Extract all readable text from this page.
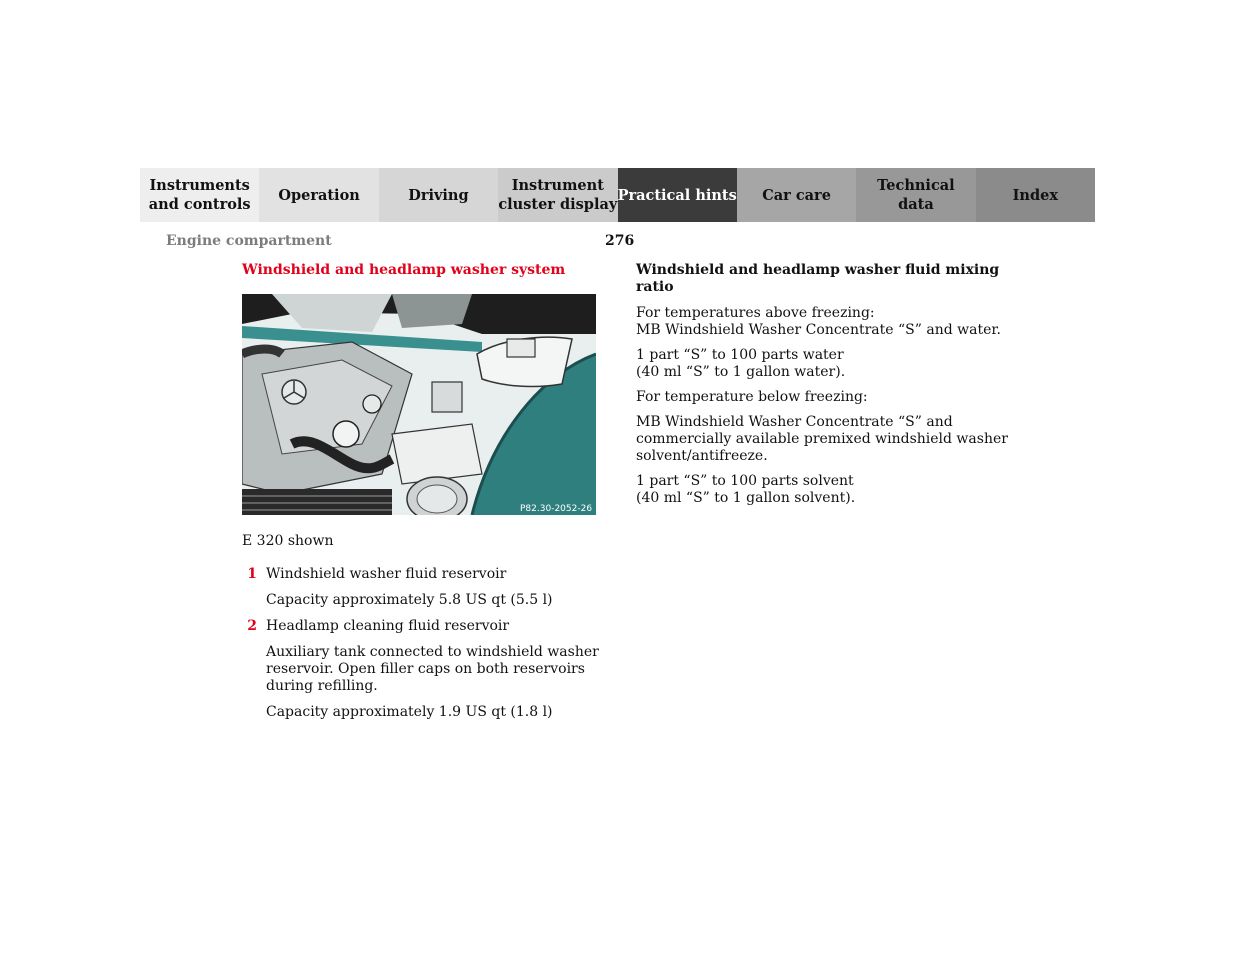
Instruments
and controls
Operation	Driving
Instrument
cluster display
Practical hints	Car care
Technical
data
Index
Engine compartment	276
Windshield and headlamp washer system
P82.30-2052-26
E 320 shown
1 Windshield washer fluid reservoir
Capacity approximately 5.8 US qt (5.5 l)
2 Headlamp cleaning fluid reservoir
Auxiliary tank connected to windshield washer reservoir. Open filler caps on both reservoirs during refilling.
Capacity approximately 1.9 US qt (1.8 l)
Windshield and headlamp washer fluid mixing ratio

For temperatures above freezing:
MB Windshield Washer Concentrate “S” and water.

1 part “S” to 100 parts water
(40 ml “S” to 1 gallon water).

For temperature below freezing:

MB Windshield Washer Concentrate “S” and commercially available premixed windshield washer solvent/antifreeze.

1 part “S” to 100 parts solvent
(40 ml “S” to 1 gallon solvent).
